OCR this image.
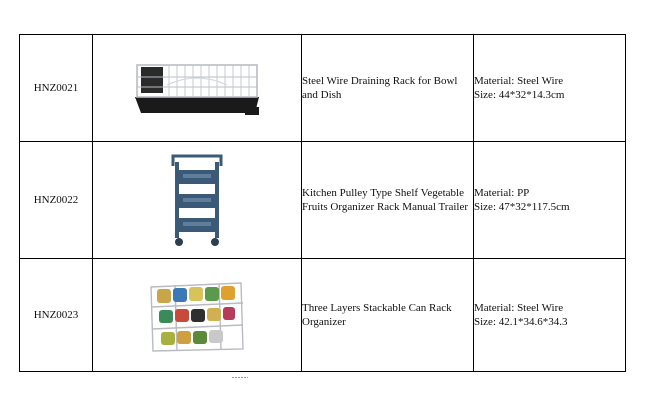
HNZ0021		Steel Wire Draining Rack for Bowl
and Dish	Material: Steel Wire
Size: 44*32*14.3cm

HNZ0022		Kitchen Pulley Type Shelf Vegetable
Fruits Organizer Rack Manual Trailer	Material: PP
Size: 47*32*117.5cm

HNZ0023		Three Layers Stackable Can Rack
Organizer	Material: Steel Wire
Size: 42.1*34.6*34.3
